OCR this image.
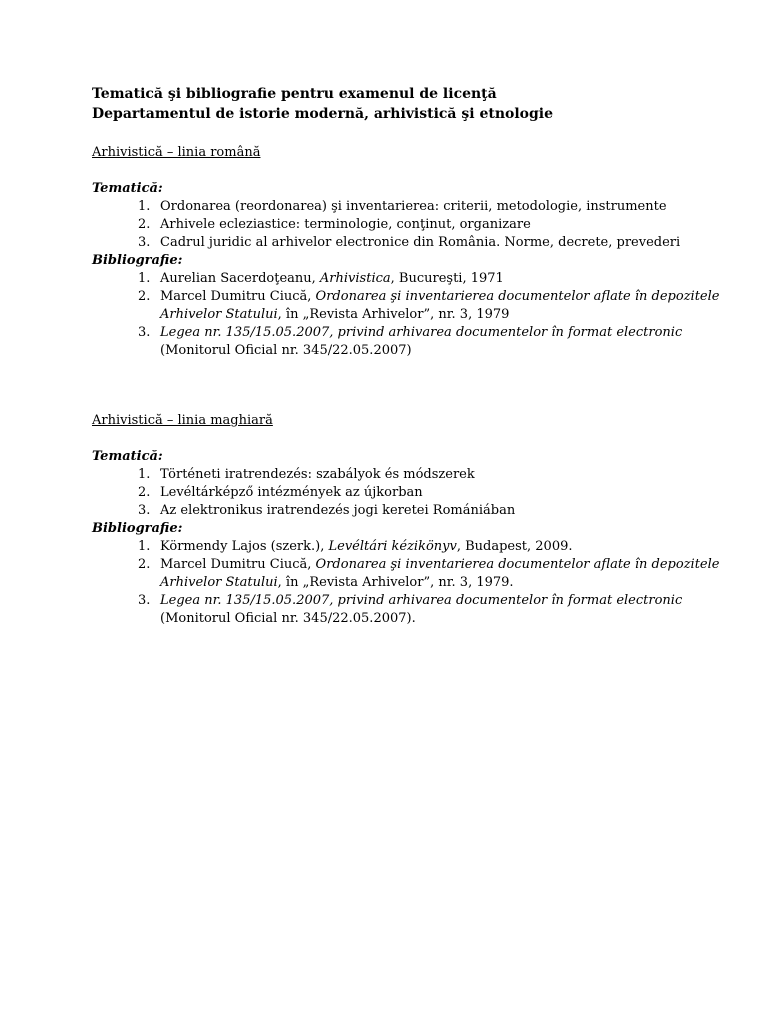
Tematică şi bibliografie pentru examenul de licenţă
Departamentul de istorie modernă, arhivistică şi etnologie
Arhivistică – linia română
Tematică:
1. Ordonarea (reordonarea) şi inventarierea: criterii, metodologie, instrumente
2. Arhivele ecleziastice: terminologie, conţinut, organizare
3. Cadrul juridic al arhivelor electronice din România. Norme, decrete, prevederi
Bibliografie:
1. Aurelian Sacerdoţeanu, Arhivistica, Bucureşti, 1971
2. Marcel Dumitru Ciucă, Ordonarea şi inventarierea documentelor aflate în depozitele
Arhivelor Statului, în „Revista Arhivelor”, nr. 3, 1979
3. Legea nr. 135/15.05.2007, privind arhivarea documentelor în format electronic
(Monitorul Oficial nr. 345/22.05.2007)
Arhivistică – linia maghiară
Tematică:
1. Történeti iratrendezés: szabályok és módszerek
2. Levéltárképző intézmények az újkorban
3. Az elektronikus iratrendezés jogi keretei Romániában
Bibliografie:
1. Körmendy Lajos (szerk.), Levéltári kézikönyv, Budapest, 2009.
2. Marcel Dumitru Ciucă, Ordonarea şi inventarierea documentelor aflate în depozitele
Arhivelor Statului, în „Revista Arhivelor”, nr. 3, 1979.
3. Legea nr. 135/15.05.2007, privind arhivarea documentelor în format electronic
(Monitorul Oficial nr. 345/22.05.2007).
